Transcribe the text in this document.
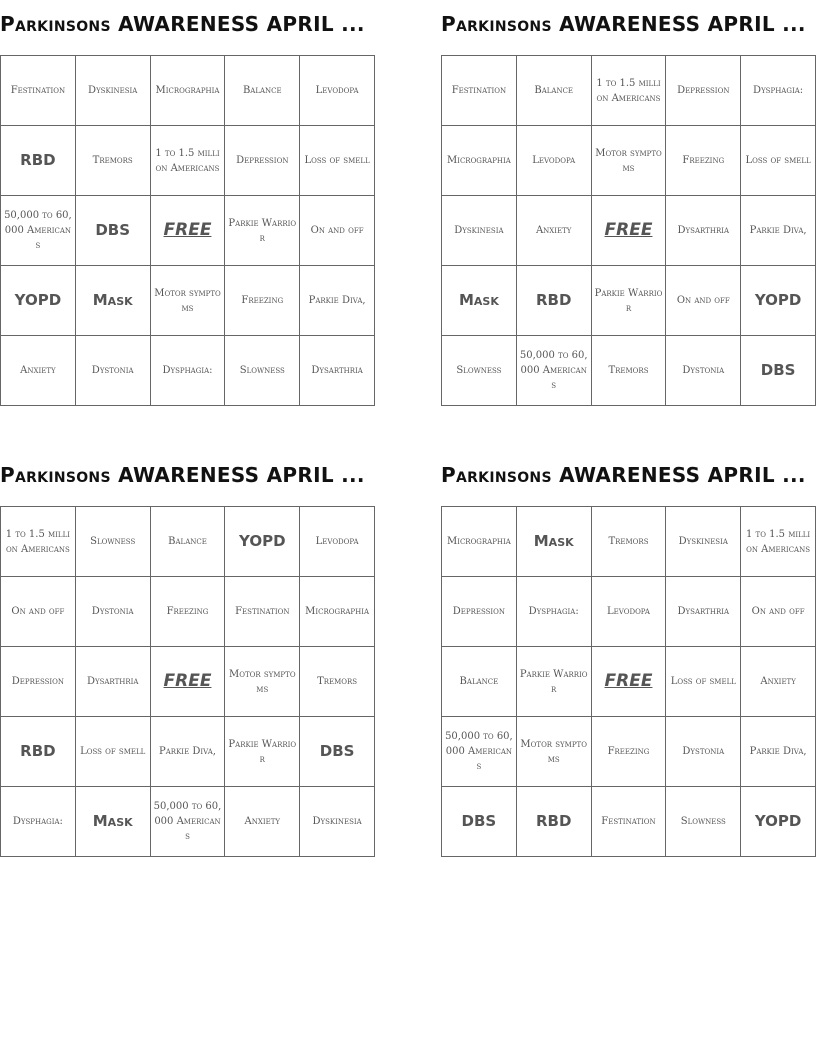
Parkinsons AWARENESS APRIL ...
Festination	Dyskinesia	Micrographia	Balance	Levodopa
RBD	Tremors	1 to 1.5 million Americans	Depression	Loss of smell
50,000 to 60,000 Americans	DBS	FREE	Parkie Warrior	On and off
YOPD	Mask	Motor symptoms	Freezing	Parkie Diva,
Anxiety	Dystonia	Dysphagia:	Slowness	Dysarthria
Parkinsons AWARENESS APRIL ...
Festination	Balance	1 to 1.5 million Americans	Depression	Dysphagia:
Micrographia	Levodopa	Motor symptoms	Freezing	Loss of smell
Dyskinesia	Anxiety	FREE	Dysarthria	Parkie Diva,
Mask	RBD	Parkie Warrior	On and off	YOPD
Slowness	50,000 to 60,000 Americans	Tremors	Dystonia	DBS
Parkinsons AWARENESS APRIL ...
1 to 1.5 million Americans	Slowness	Balance	YOPD	Levodopa
On and off	Dystonia	Freezing	Festination	Micrographia
Depression	Dysarthria	FREE	Motor symptoms	Tremors
RBD	Loss of smell	Parkie Diva,	Parkie Warrior	DBS
Dysphagia:	Mask	50,000 to 60,000 Americans	Anxiety	Dyskinesia
Parkinsons AWARENESS APRIL ...
Micrographia	Mask	Tremors	Dyskinesia	1 to 1.5 million Americans
Depression	Dysphagia:	Levodopa	Dysarthria	On and off
Balance	Parkie Warrior	FREE	Loss of smell	Anxiety
50,000 to 60,000 Americans	Motor symptoms	Freezing	Dystonia	Parkie Diva,
DBS	RBD	Festination	Slowness	YOPD
